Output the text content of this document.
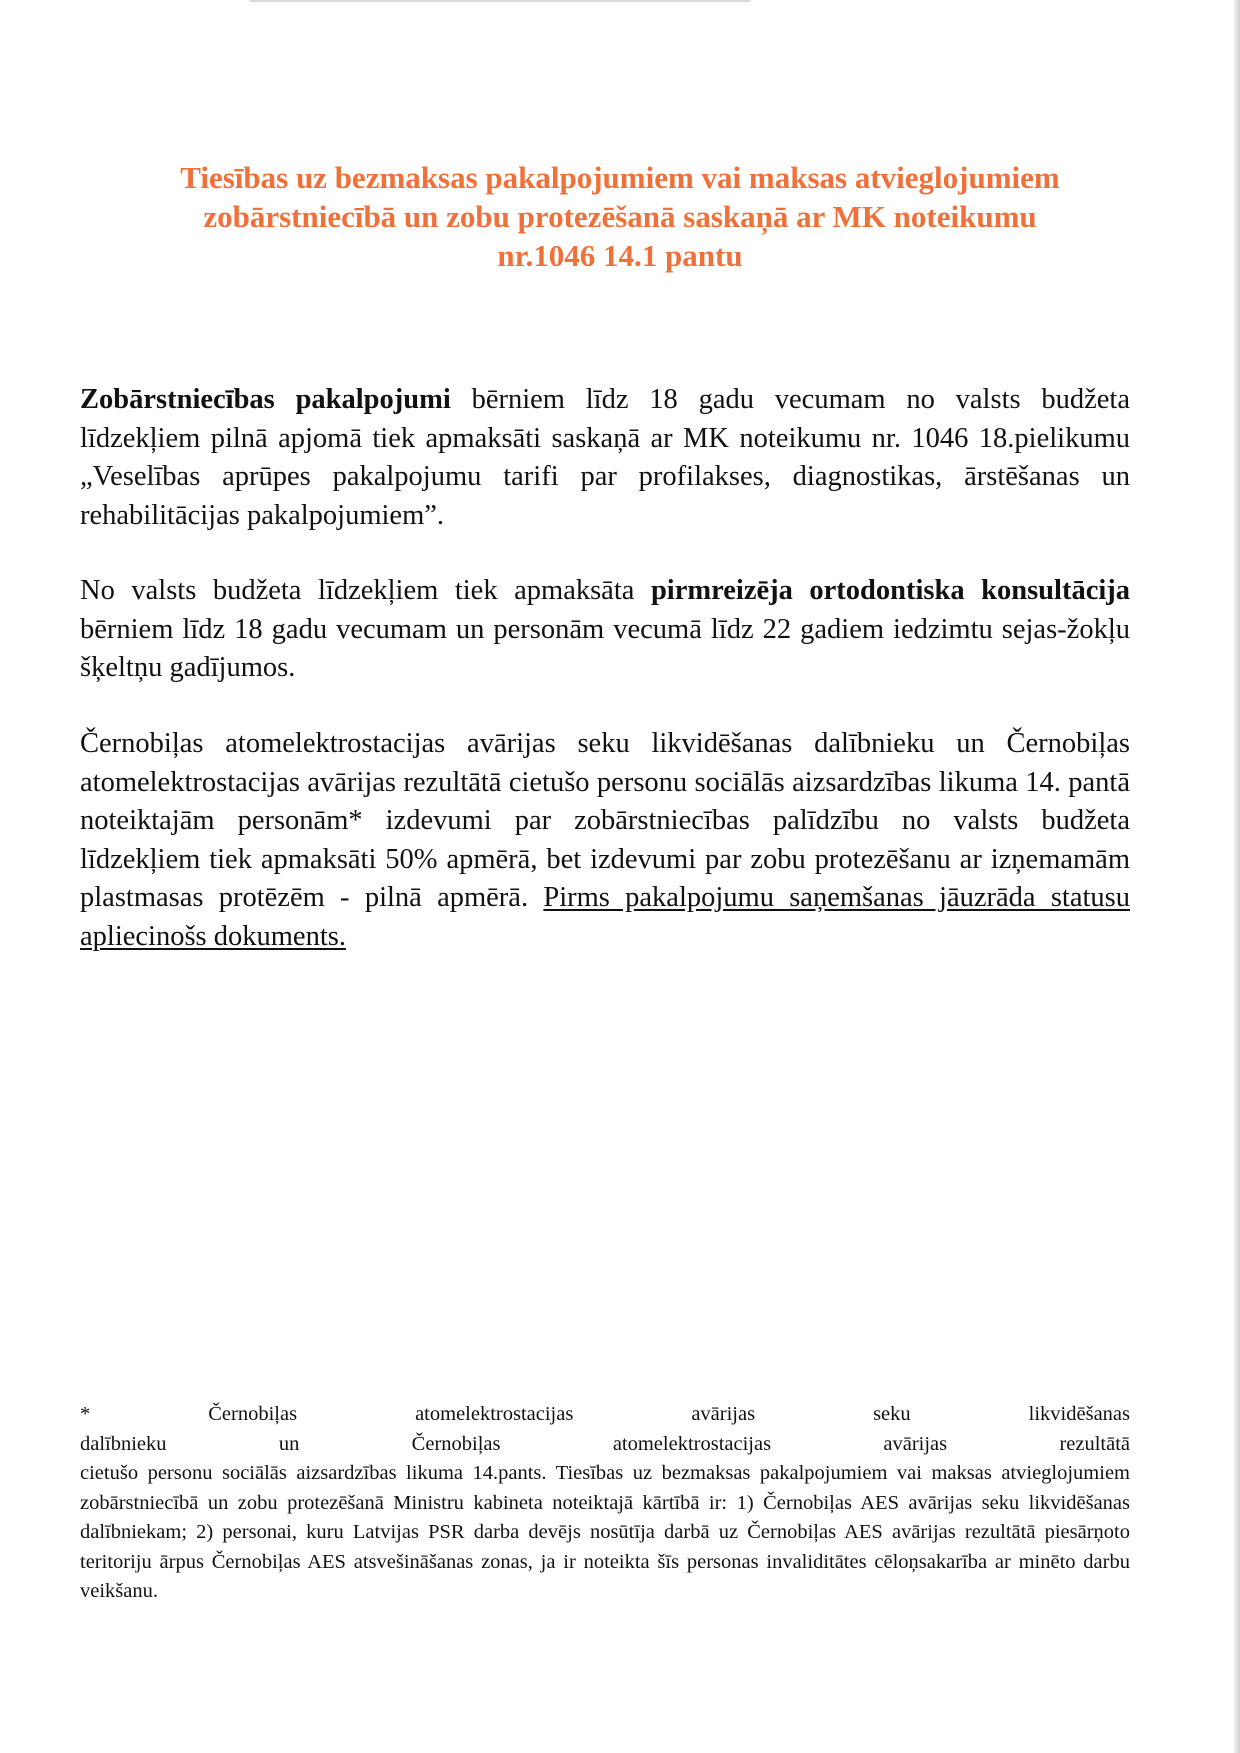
Tiesības uz bezmaksas pakalpojumiem vai maksas atvieglojumiem
zobārstniecībā un zobu protezēšanā saskaņā ar MK noteikumu
nr.1046 14.1 pantu
Zobārstniecības pakalpojumi bērniem līdz 18 gadu vecumam no valsts budžeta līdzekļiem pilnā apjomā tiek apmaksāti saskaņā ar MK noteikumu nr. 1046 18.pielikumu „Veselības aprūpes pakalpojumu tarifi par profilakses, diagnostikas, ārstēšanas un rehabilitācijas pakalpojumiem”.
No valsts budžeta līdzekļiem tiek apmaksāta pirmreizēja ortodontiska konsultācija bērniem līdz 18 gadu vecumam un personām vecumā līdz 22 gadiem iedzimtu sejas-žokļu šķeltņu gadījumos.
Černobiļas atomelektrostacijas avārijas seku likvidēšanas dalībnieku un Černobiļas atomelektrostacijas avārijas rezultātā cietušo personu sociālās aizsardzības likuma 14. pantā noteiktajām personām* izdevumi par zobārstniecības palīdzību no valsts budžeta līdzekļiem tiek apmaksāti 50% apmērā, bet izdevumi par zobu protezēšanu ar izņemamām plastmasas protēzēm - pilnā apmērā. Pirms pakalpojumu saņemšanas jāuzrāda statusu apliecinošs dokuments.
*	Černobiļas	atomelektrostacijas	avārijas	seku	likvidēšanas
dalībnieku	un	Černobiļas	atomelektrostacijas	avārijas	rezultātā
cietušo personu sociālās aizsardzības likuma 14.pants. Tiesības uz bezmaksas pakalpojumiem vai maksas atvieglojumiem zobārstniecībā un zobu protezēšanā Ministru kabineta noteiktajā kārtībā ir: 1) Černobiļas AES avārijas seku likvidēšanas dalībniekam; 2) personai, kuru Latvijas PSR darba devējs nosūtīja darbā uz Černobiļas AES avārijas rezultātā piesārņoto teritoriju ārpus Černobiļas AES atsvešināšanas zonas, ja ir noteikta šīs personas invaliditātes cēloņsakarība ar minēto darbu veikšanu.
